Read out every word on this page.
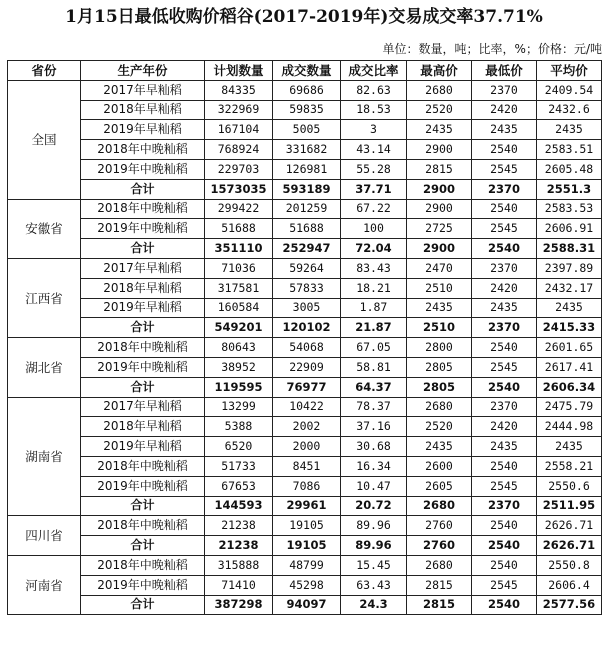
1月15日最低收购价稻谷(2017-2019年)交易成交率37.71%
单位：数量，吨；比率，%；价格：元/吨
省份	生产年份	计划数量	成交数量	成交比率	最高价	最低价	平均价
全国	2017年早籼稻	84335	69686	82.63	2680	2370	2409.54
	2018年早籼稻	322969	59835	18.53	2520	2420	2432.6
	2019年早籼稻	167104	5005	3	2435	2435	2435
	2018年中晚籼稻	768924	331682	43.14	2900	2540	2583.51
	2019年中晚籼稻	229703	126981	55.28	2815	2545	2605.48
	合计	1573035	593189	37.71	2900	2370	2551.3
安徽省	2018年中晚籼稻	299422	201259	67.22	2900	2540	2583.53
	2019年中晚籼稻	51688	51688	100	2725	2545	2606.91
	合计	351110	252947	72.04	2900	2540	2588.31
江西省	2017年早籼稻	71036	59264	83.43	2470	2370	2397.89
	2018年早籼稻	317581	57833	18.21	2510	2420	2432.17
	2019年早籼稻	160584	3005	1.87	2435	2435	2435
	合计	549201	120102	21.87	2510	2370	2415.33
湖北省	2018年中晚籼稻	80643	54068	67.05	2800	2540	2601.65
	2019年中晚籼稻	38952	22909	58.81	2805	2545	2617.41
	合计	119595	76977	64.37	2805	2540	2606.34
湖南省	2017年早籼稻	13299	10422	78.37	2680	2370	2475.79
	2018年早籼稻	5388	2002	37.16	2520	2420	2444.98
	2019年早籼稻	6520	2000	30.68	2435	2435	2435
	2018年中晚籼稻	51733	8451	16.34	2600	2540	2558.21
	2019年中晚籼稻	67653	7086	10.47	2605	2545	2550.6
	合计	144593	29961	20.72	2680	2370	2511.95
四川省	2018年中晚籼稻	21238	19105	89.96	2760	2540	2626.71
	合计	21238	19105	89.96	2760	2540	2626.71
河南省	2018年中晚籼稻	315888	48799	15.45	2680	2540	2550.8
	2019年中晚籼稻	71410	45298	63.43	2815	2545	2606.4
	合计	387298	94097	24.3	2815	2540	2577.56
